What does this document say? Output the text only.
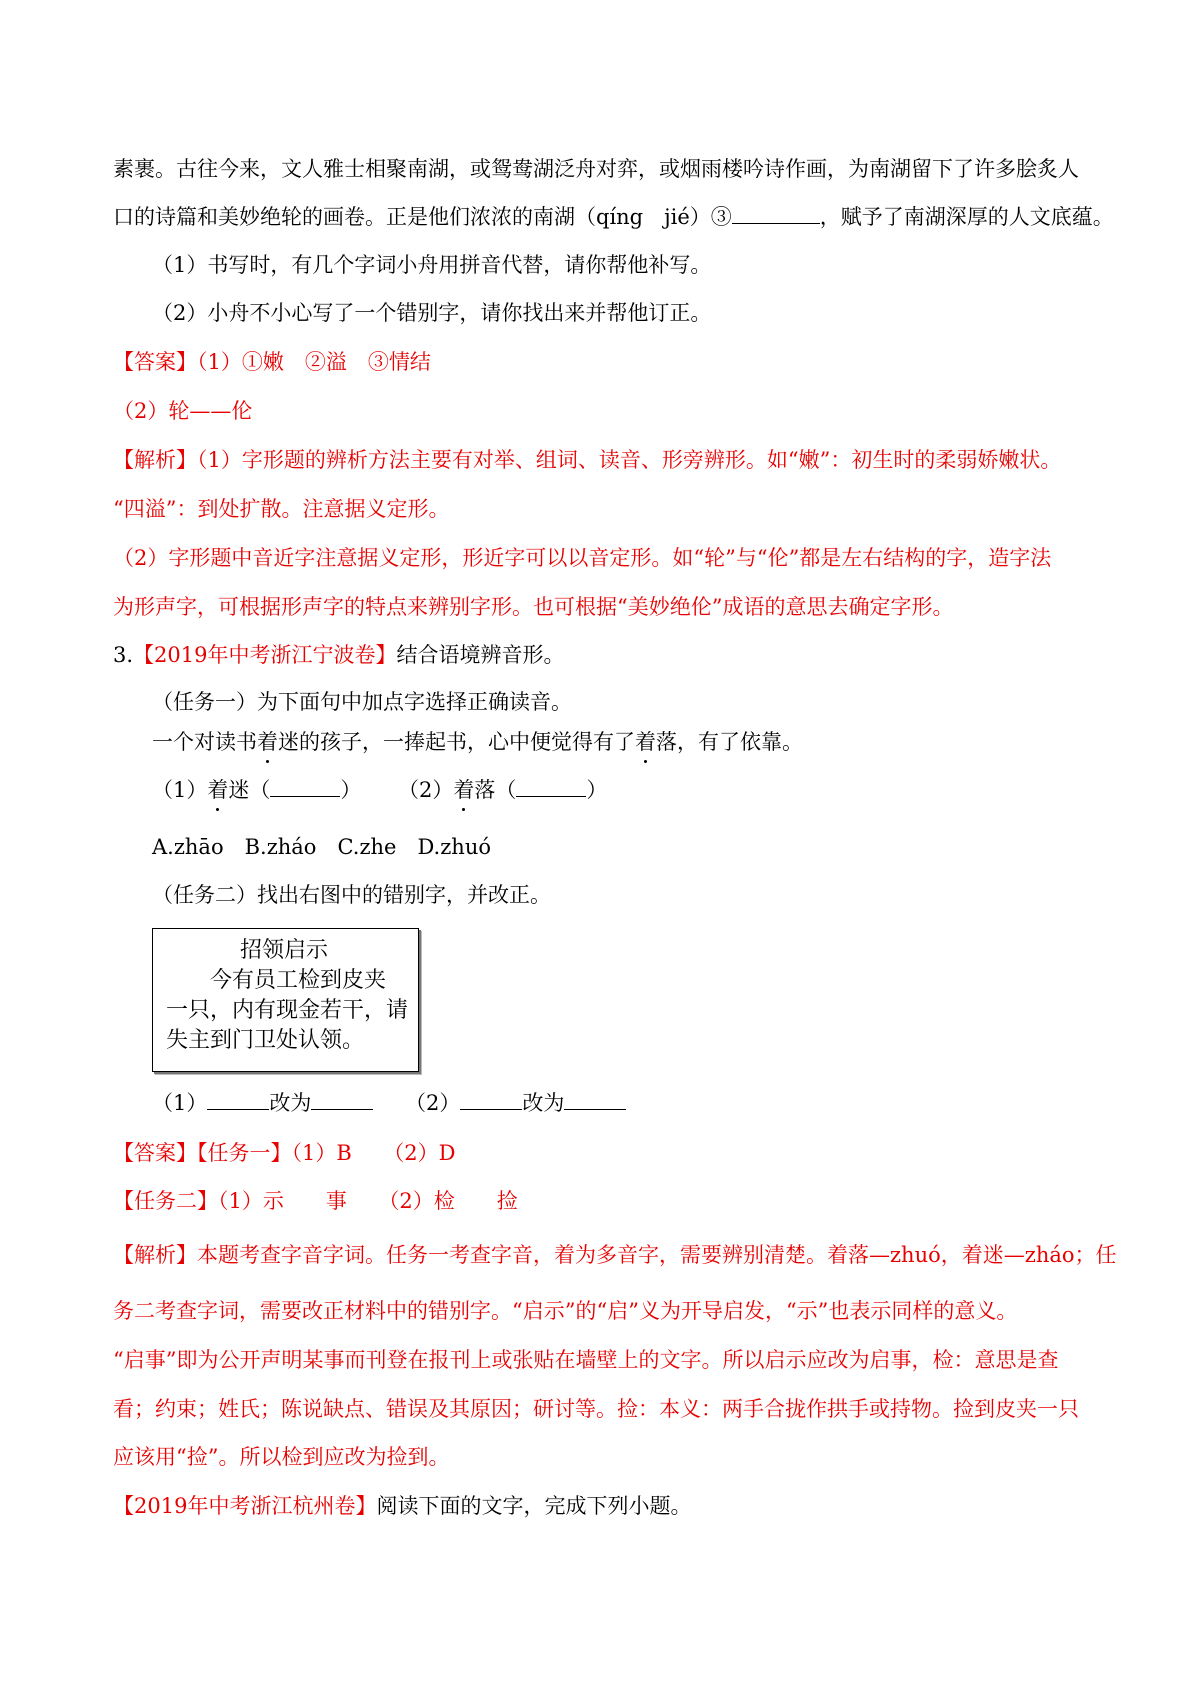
素裹。古往今来，文人雅士相聚南湖，或鸳鸯湖泛舟对弈，或烟雨楼吟诗作画，为南湖留下了许多脍炙人
口的诗篇和美妙绝轮的画卷。正是他们浓浓的南湖（qíng　jié）③	，赋予了南湖深厚的人文底蕴。
（1）书写时，有几个字词小舟用拼音代替，请你帮他补写。
（2）小舟不小心写了一个错别字，请你找出来并帮他订正。
【答案】（1）①嫩　②溢　③情结
（2）轮——伦
【解析】（1）字形题的辨析方法主要有对举、组词、读音、形旁辨形。如“嫩”：初生时的柔弱娇嫩状。
“四溢”：到处扩散。注意据义定形。
（2）字形题中音近字注意据义定形，形近字可以以音定形。如“轮”与“伦”都是左右结构的字，造字法
为形声字，可根据形声字的特点来辨别字形。也可根据“美妙绝伦”成语的意思去确定字形。
3.【2019年中考浙江宁波卷】结合语境辨音形。
（任务一）为下面句中加点字选择正确读音。
一个对读书着迷的孩子，一捧起书，心中便觉得有了着落，有了依靠。
（1）着迷（	） （2）着落（	）
A.zhāo　B.zháo　C.zhe　D.zhuó
（任务二）找出右图中的错别字，并改正。
招领启示
今有员工检到皮夹
一只，内有现金若干，请
失主到门卫处认领。
（1）	改为	（2）	改为
【答案】【任务一】（1）B　　（2）D
【任务二】（1）示　　事　　（2）检　　捡
【解析】本题考查字音字词。任务一考查字音，着为多音字，需要辨别清楚。着落—zhuó，着迷—zháo；任
务二考查字词，需要改正材料中的错别字。“启示”的“启”义为开导启发，“示”也表示同样的意义。
“启事”即为公开声明某事而刊登在报刊上或张贴在墙壁上的文字。所以启示应改为启事，检：意思是查
看；约束；姓氏；陈说缺点、错误及其原因；研讨等。捡：本义：两手合拢作拱手或持物。捡到皮夹一只
应该用“捡”。所以检到应改为捡到。
【2019年中考浙江杭州卷】阅读下面的文字，完成下列小题。
